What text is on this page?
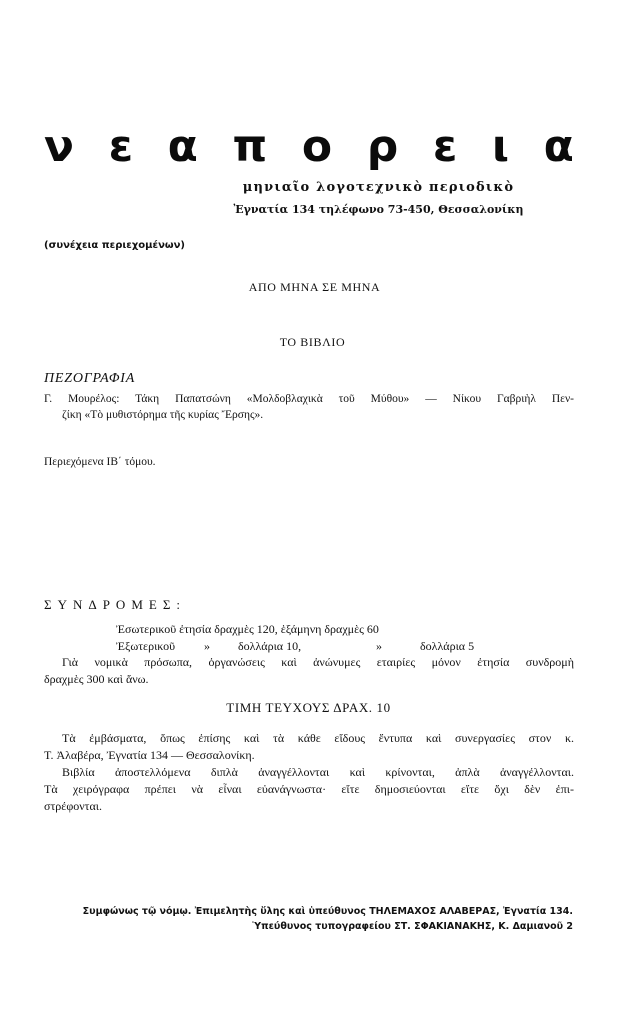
ν ε α π ο ρ ε ι α
μηνιαῖο λογοτεχνικὸ περιοδικὸ
Ἐγνατία 134 τηλέφωνο 73-450, Θεσσαλονίκη
(συνέχεια περιεχομένων)
ΑΠΟ ΜΗΝΑ ΣΕ ΜΗΝΑ
ΤΟ ΒΙΒΛΙΟ
ΠΕΖΟΓΡΑΦΙΑ
Γ. Μουρέλος: Τάκη Παπατσώνη «Μολδοβλαχικὰ τοῦ Μύθου» — Νίκου Γαβριὴλ Πεν-
ζίκη «Τὸ μυθιστόρημα τῆς κυρίας Ἔρσης».
Περιεχόμενα ΙΒ΄ τόμου.
ΣΥΝΔΡΟΜΕΣ:
Ἐσωτερικοῦ ἐτησία δραχμὲς 120, ἑξάμηνη δραχμὲς 60
Ἐξωτερικοῦ » δολλάρια 10,	»	δολλάρια 5
Γιὰ νομικὰ πρόσωπα, ὀργανώσεις καὶ ἀνώνυμες εταιρίες μόνον ἐτησία συνδρομὴ
δραχμὲς 300 καὶ ἄνω.
ΤΙΜΗ ΤΕΥΧΟΥΣ ΔΡΑΧ. 10
Τὰ ἐμβάσματα, ὅπως ἐπίσης καὶ τὰ κάθε εἴδους ἔντυπα καὶ συνεργασίες στον κ.
Τ. Ἀλαβέρα, Ἐγνατία 134 — Θεσσαλονίκη.
Βιβλία ἀποστελλόμενα διπλὰ ἀναγγέλλονται καὶ κρίνονται, ἁπλὰ ἀναγγέλλονται.
Τὰ χειρόγραφα πρέπει νὰ εἶναι εὐανάγνωστα· εἴτε δημοσιεύονται εἴτε ὄχι δὲν ἐπι-
στρέφονται.
Συμφώνως τῷ νόμῳ. Ἐπιμελητὴς ὕλης καὶ ὑπεύθυνος ΤΗΛΕΜΑΧΟΣ ΑΛΑΒΕΡΑΣ, Ἐγνατία 134.
Ὑπεύθυνος τυπογραφείου ΣΤ. ΣΦΑΚΙΑΝΑΚΗΣ, Κ. Δαμιανοῦ 2
